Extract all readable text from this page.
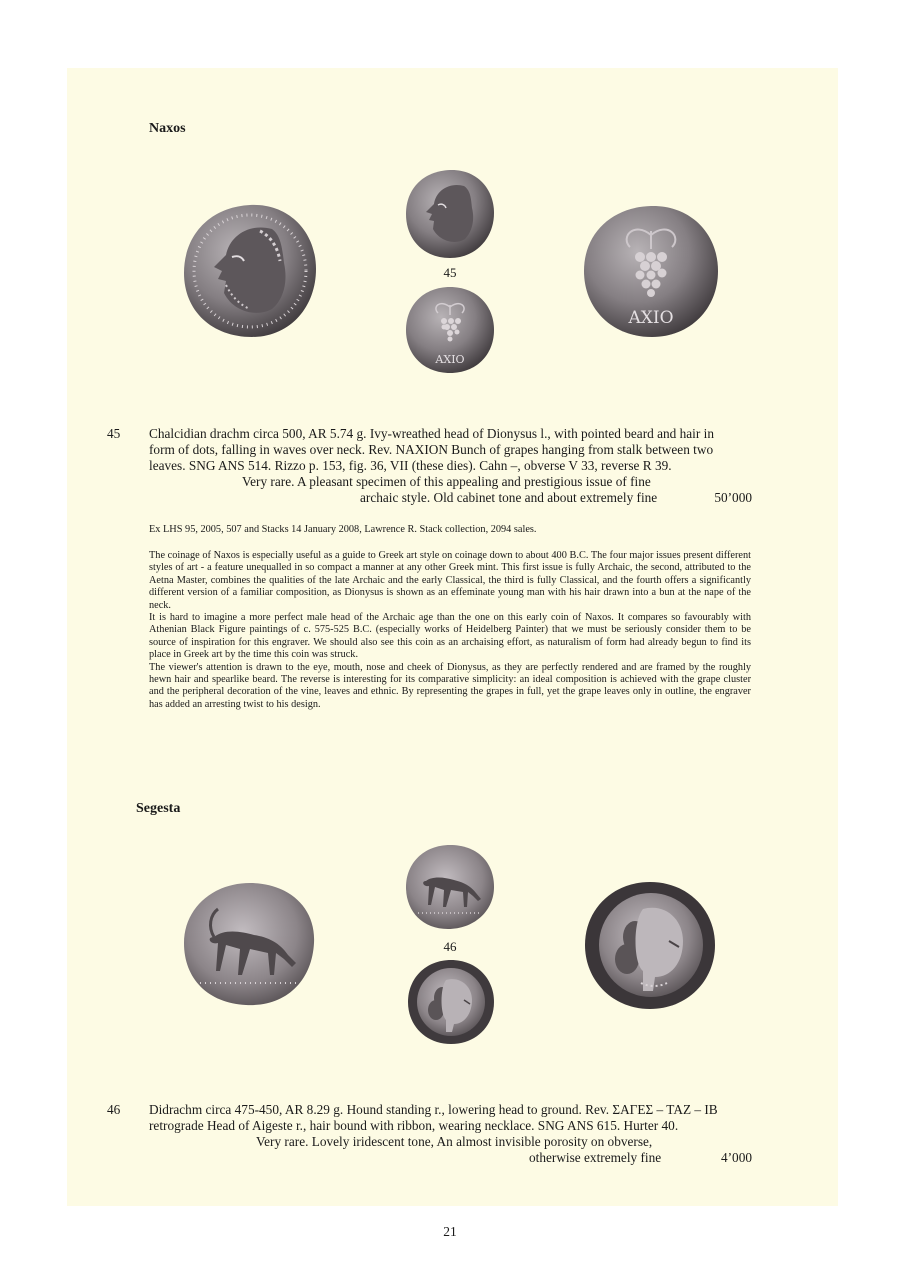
Naxos
45
ΑΧΙΟ
ΑΧΙΟ
45 Chalcidian drachm circa 500, AR 5.74 g. Ivy-wreathed head of Dionysus l., with pointed beard and hair in

form of dots, falling in waves over neck. Rev. NAXION Bunch of grapes hanging from stalk between two

leaves. SNG ANS 514. Rizzo p. 153, fig. 36, VII (these dies). Cahn –, obverse V 33, reverse R 39.

Very rare. A pleasant specimen of this appealing and prestigious issue of fine
archaic style. Old cabinet tone and about extremely fine	50’000
Ex LHS 95, 2005, 507 and Stacks 14 January 2008, Lawrence R. Stack collection, 2094 sales.

The coinage of Naxos is especially useful as a guide to Greek art style on coinage down to about 400 B.C. The four major issues present different styles of art - a feature unequalled in so compact a manner at any other Greek mint. This first issue is fully Archaic, the second, attributed to the Aetna Master, combines the qualities of the late Archaic and the early Classical, the third is fully Classical, and the fourth offers a significantly different version of a familiar composition, as Dionysus is shown as an effeminate young man with his hair drawn into a bun at the nape of the neck.

It is hard to imagine a more perfect male head of the Archaic age than the one on this early coin of Naxos. It compares so favourably with Athenian Black Figure paintings of c. 575-525 B.C. (especially works of Heidelberg Painter) that we must be seriously consider them to be source of inspiration for this engraver. We should also see this coin as an archaising effort, as naturalism of form had already begun to find its place in Greek art by the time this coin was struck.

The viewer's attention is drawn to the eye, mouth, nose and cheek of Dionysus, as they are perfectly rendered and are framed by the roughly hewn hair and spearlike beard. The reverse is interesting for its comparative simplicity: an ideal composition is achieved with the grape cluster and the peripheral decoration of the vine, leaves and ethnic. By representing the grapes in full, yet the grape leaves only in outline, the engraver has added an arresting twist to his design.

Segesta
46
46 Didrachm circa 475-450, AR 8.29 g. Hound standing r., lowering head to ground. Rev. ΣΑΓΕΣ – ΤΑΖ – ΙΒ

retrograde Head of Aigeste r., hair bound with ribbon, wearing necklace. SNG ANS 615. Hurter 40.

Very rare. Lovely iridescent tone, An almost invisible porosity on obverse,
otherwise extremely fine	4’000
21
